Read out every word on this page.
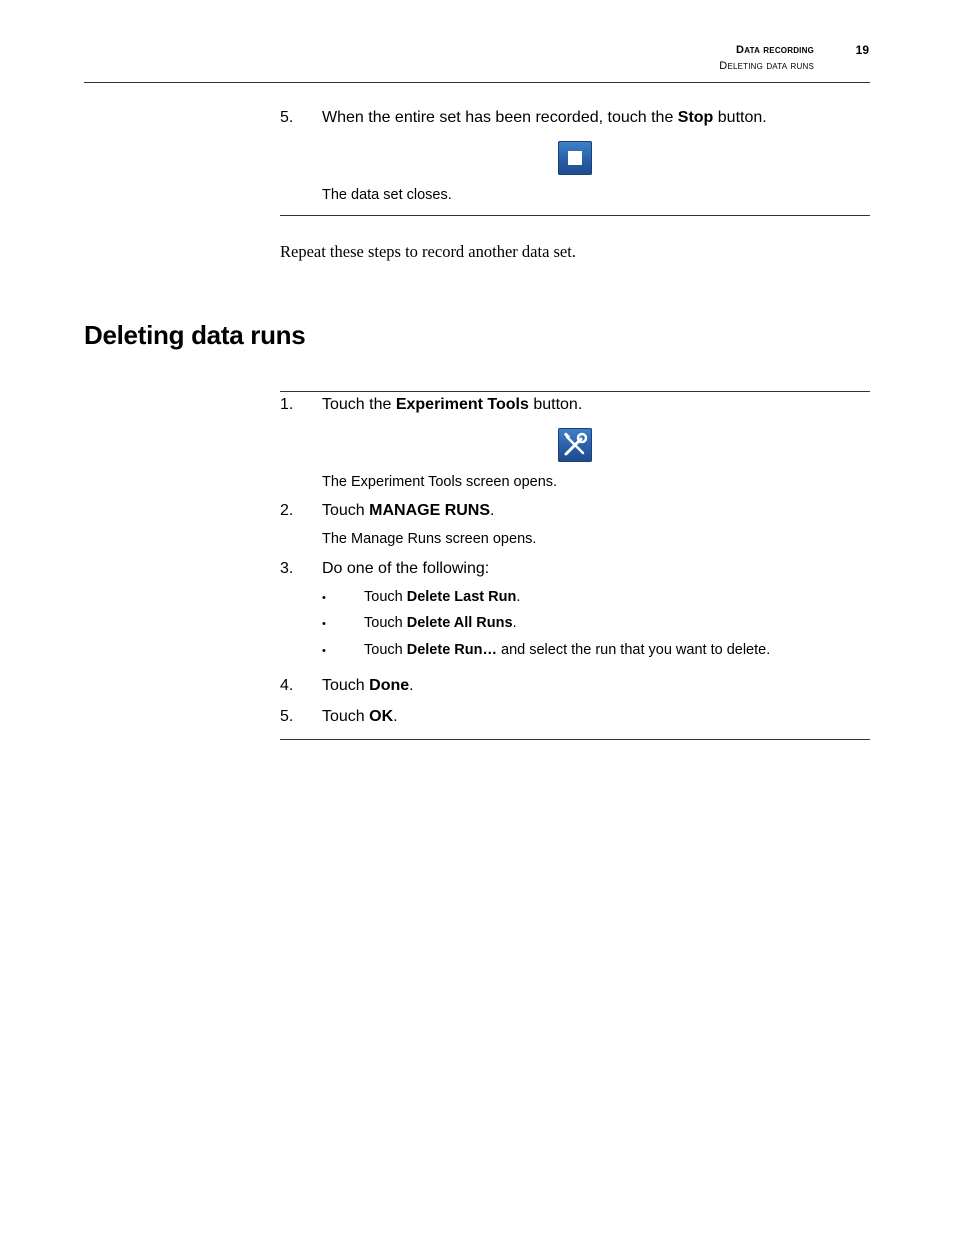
Data recording
Deleting data runs
19
5. When the entire set has been recorded, touch the Stop button.
The data set closes.
Repeat these steps to record another data set.
Deleting data runs
1. Touch the Experiment Tools button.
The Experiment Tools screen opens.
2. Touch MANAGE RUNS.
The Manage Runs screen opens.
3. Do one of the following:
•	Touch Delete Last Run.
•	Touch Delete All Runs.
•	Touch Delete Run… and select the run that you want to delete.
4. Touch Done.
5. Touch OK.
